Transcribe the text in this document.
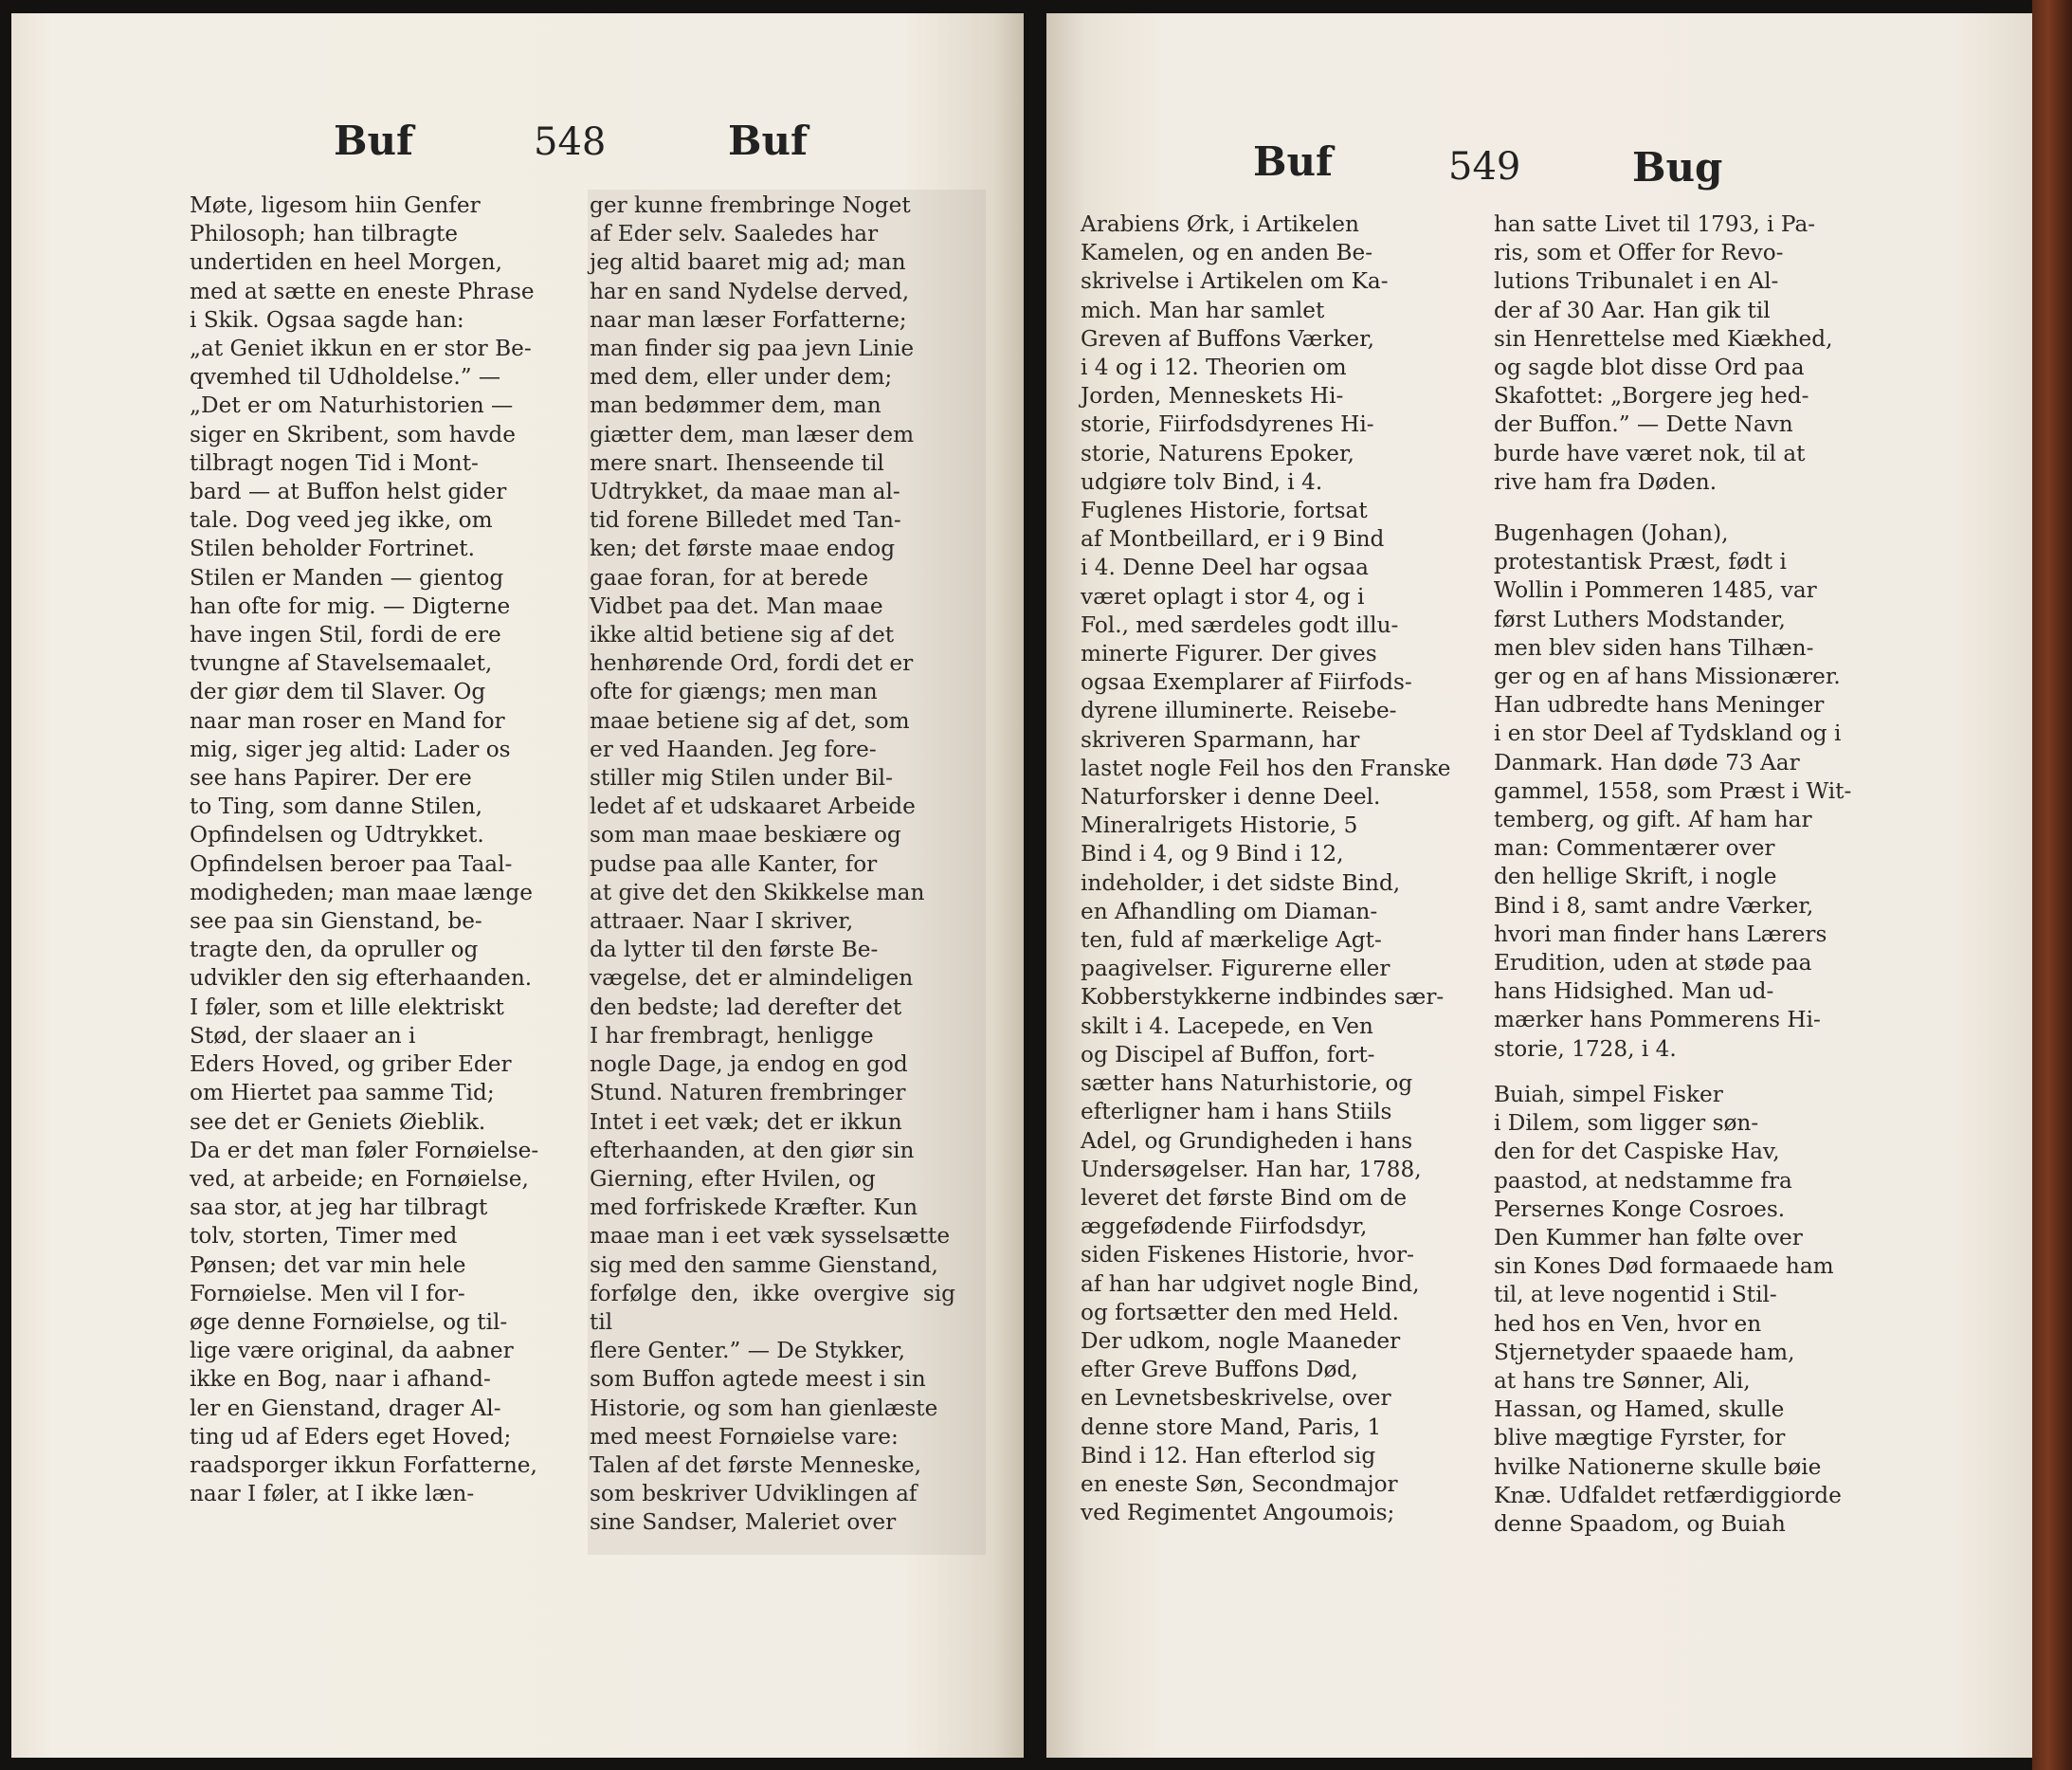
Buf	548	Buf
Møte, ligesom hiin Genfer
Philosoph; han tilbragte
undertiden en heel Morgen,
med at sætte en eneste Phrase
i Skik. Ogsaa sagde han:
„at Geniet ikkun en er stor Be-
qvemhed til Udholdelse.” —
„Det er om Naturhistorien —
siger en Skribent, som havde
tilbragt nogen Tid i Mont-
bard — at Buffon helst gider
tale. Dog veed jeg ikke, om
Stilen beholder Fortrinet.
Stilen er Manden — gientog
han ofte for mig. — Digterne
have ingen Stil, fordi de ere
tvungne af Stavelsemaalet,
der giør dem til Slaver. Og
naar man roser en Mand for
mig, siger jeg altid: Lader os
see hans Papirer. Der ere
to Ting, som danne Stilen,
Opfindelsen og Udtrykket.
Opfindelsen beroer paa Taal-
modigheden; man maae længe
see paa sin Gienstand, be-
tragte den, da opruller og
udvikler den sig efterhaanden.
I føler, som et lille elektriskt
Stød, der slaaer an i
Eders Hoved, og griber Eder
om Hiertet paa samme Tid;
see det er Geniets Øieblik.
Da er det man føler Fornøielse-
ved, at arbeide; en Fornøielse,
saa stor, at jeg har tilbragt
tolv, storten, Timer med
Pønsen; det var min hele
Fornøielse. Men vil I for-
øge denne Fornøielse, og til-
lige være original, da aabner
ikke en Bog, naar i afhand-
ler en Gienstand, drager Al-
ting ud af Eders eget Hoved;
raadsporger ikkun Forfatterne,
naar I føler, at I ikke læn-
ger kunne frembringe Noget
af Eder selv. Saaledes har
jeg altid baaret mig ad; man
har en sand Nydelse derved,
naar man læser Forfatterne;
man finder sig paa jevn Linie
med dem, eller under dem;
man bedømmer dem, man
giætter dem, man læser dem
mere snart. Ihenseende til
Udtrykket, da maae man al-
tid forene Billedet med Tan-
ken; det første maae endog
gaae foran, for at berede
Vidbet paa det. Man maae
ikke altid betiene sig af det
henhørende Ord, fordi det er
ofte for giængs; men man
maae betiene sig af det, som
er ved Haanden. Jeg fore-
stiller mig Stilen under Bil-
ledet af et udskaaret Arbeide
som man maae beskiære og
pudse paa alle Kanter, for
at give det den Skikkelse man
attraaer. Naar I skriver,
da lytter til den første Be-
vægelse, det er almindeligen
den bedste; lad derefter det
I har frembragt, henligge
nogle Dage, ja endog en god
Stund. Naturen frembringer
Intet i eet væk; det er ikkun
efterhaanden, at den giør sin
Gierning, efter Hvilen, og
med forfriskede Kræfter. Kun
maae man i eet væk sysselsætte
sig med den samme Gienstand,
forfølge den, ikke overgive sig til
flere Genter.” — De Stykker,
som Buffon agtede meest i sin
Historie, og som han gienlæste
med meest Fornøielse vare:
Talen af det første Menneske,
som beskriver Udviklingen af
sine Sandser, Maleriet over
Buf	549	Bug
Arabiens Ørk, i Artikelen
Kamelen, og en anden Be-
skrivelse i Artikelen om Ka-
mich. Man har samlet
Greven af Buffons Værker,
i 4 og i 12. Theorien om
Jorden, Menneskets Hi-
storie, Fiirfodsdyrenes Hi-
storie, Naturens Epoker,
udgiøre tolv Bind, i 4.
Fuglenes Historie, fortsat
af Montbeillard, er i 9 Bind
i 4. Denne Deel har ogsaa
været oplagt i stor 4, og i
Fol., med særdeles godt illu-
minerte Figurer. Der gives
ogsaa Exemplarer af Fiirfods-
dyrene illuminerte. Reisebe-
skriveren Sparmann, har
lastet nogle Feil hos den Franske
Naturforsker i denne Deel.
Mineralrigets Historie, 5
Bind i 4, og 9 Bind i 12,
indeholder, i det sidste Bind,
en Afhandling om Diaman-
ten, fuld af mærkelige Agt-
paagivelser. Figurerne eller
Kobberstykkerne indbindes sær-
skilt i 4. Lacepede, en Ven
og Discipel af Buffon, fort-
sætter hans Naturhistorie, og
efterligner ham i hans Stiils
Adel, og Grundigheden i hans
Undersøgelser. Han har, 1788,
leveret det første Bind om de
æggefødende Fiirfodsdyr,
siden Fiskenes Historie, hvor-
af han har udgivet nogle Bind,
og fortsætter den med Held.
Der udkom, nogle Maaneder
efter Greve Buffons Død,
en Levnetsbeskrivelse, over
denne store Mand, Paris, 1
Bind i 12. Han efterlod sig
en eneste Søn, Secondmajor
ved Regimentet Angoumois;
han satte Livet til 1793, i Pa-
ris, som et Offer for Revo-
lutions Tribunalet i en Al-
der af 30 Aar. Han gik til
sin Henrettelse med Kiækhed,
og sagde blot disse Ord paa
Skafottet: „Borgere jeg hed-
der Buffon.” — Dette Navn
burde have været nok, til at
rive ham fra Døden.
Bugenhagen (Johan),
protestantisk Præst, født i
Wollin i Pommeren 1485, var
først Luthers Modstander,
men blev siden hans Tilhæn-
ger og en af hans Missionærer.
Han udbredte hans Meninger
i en stor Deel af Tydskland og i
Danmark. Han døde 73 Aar
gammel, 1558, som Præst i Wit-
temberg, og gift. Af ham har
man: Commentærer over
den hellige Skrift, i nogle
Bind i 8, samt andre Værker,
hvori man finder hans Lærers
Erudition, uden at støde paa
hans Hidsighed. Man ud-
mærker hans Pommerens Hi-
storie, 1728, i 4.
Buiah, simpel Fisker
i Dilem, som ligger søn-
den for det Caspiske Hav,
paastod, at nedstamme fra
Persernes Konge Cosroes.
Den Kummer han følte over
sin Kones Død formaaede ham
til, at leve nogentid i Stil-
hed hos en Ven, hvor en
Stjernetyder spaaede ham,
at hans tre Sønner, Ali,
Hassan, og Hamed, skulle
blive mægtige Fyrster, for
hvilke Nationerne skulle bøie
Knæ. Udfaldet retfærdiggiorde
denne Spaadom, og Buiah
